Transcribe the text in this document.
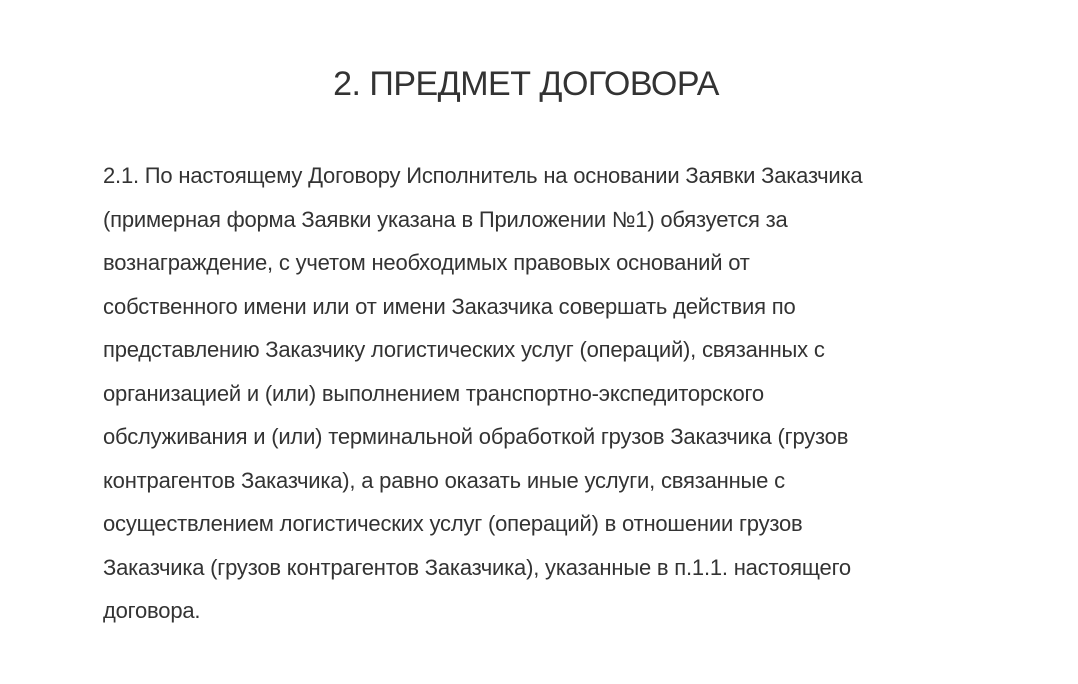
2. ПРЕДМЕТ ДОГОВОРА

2.1. По настоящему Договору Исполнитель на основании Заявки Заказчика
(примерная форма Заявки указана в Приложении №1) обязуется за
вознаграждение, с учетом необходимых правовых оснований от
собственного имени или от имени Заказчика совершать действия по
представлению Заказчику логистических услуг (операций), связанных с
организацией и (или) выполнением транспортно-экспедиторского
обслуживания и (или) терминальной обработкой грузов Заказчика (грузов
контрагентов Заказчика), а равно оказать иные услуги, связанные с
осуществлением логистических услуг (операций) в отношении грузов
Заказчика (грузов контрагентов Заказчика), указанные в п.1.1. настоящего
договора.
